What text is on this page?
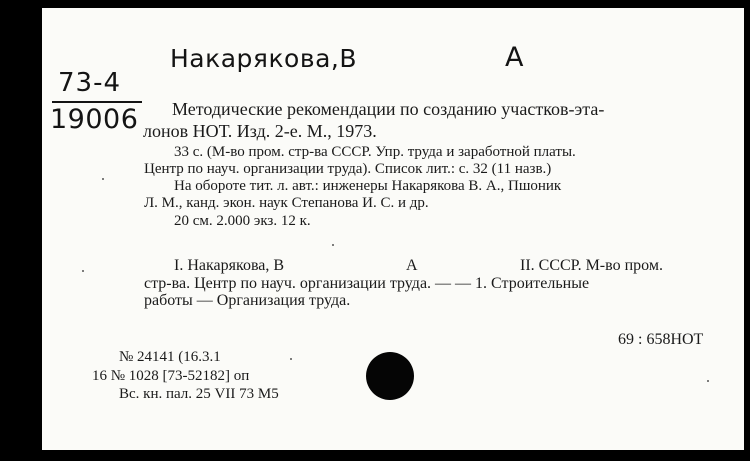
Накарякова,В	А
73-4
19006 Методические рекомендации по созданию участков-эта-
лонов НОТ. Изд. 2-е. М., 1973.
33 с. (М-во пром. стр-ва СССР. Упр. труда и заработной платы.
Центр по науч. организации труда). Список лит.: с. 32 (11 назв.)
На обороте тит. л. авт.: инженеры Накарякова В. А., Пшоник
Л. М., канд. экон. наук Степанова И. С. и др.
20 см. 2.000 экз. 12 к.
I. Накарякова, В	А	II. СССР. М-во пром.
стр-ва. Центр по науч. организации труда. — — 1. Строительные
работы — Организация труда.
69 : 658НОТ
№ 24141 (16.3.1
16 № 1028 [73-52182] оп
Вс. кн. пал. 25 VII 73 М5
